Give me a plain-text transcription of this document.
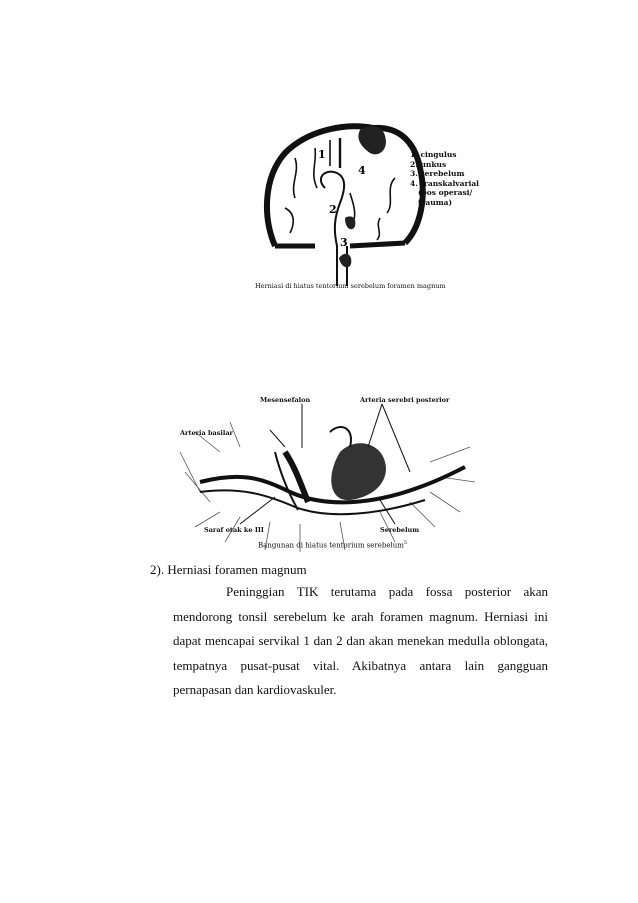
1
2
3
4
1. cingulus
2. unkus
3. serebelum
4. transkalvarial
(pos operasi/
trauma)
Herniasi di hiatus tentorium serebelum foramen magnum
Mesensefalon	Arteria serebri posterior
Arteria basilar
Saraf otak ke III	Serebelum
Bangunan di hiatus tentorium serebelum$^5$
2). Herniasi foramen magnum
Peninggian TIK terutama pada fossa posterior akan mendorong tonsil serebelum ke arah foramen magnum. Herniasi ini dapat mencapai servikal 1 dan 2 dan akan menekan medulla oblongata, tempatnya pusat-pusat vital. Akibatnya antara lain gangguan pernapasan dan kardiovaskuler.
